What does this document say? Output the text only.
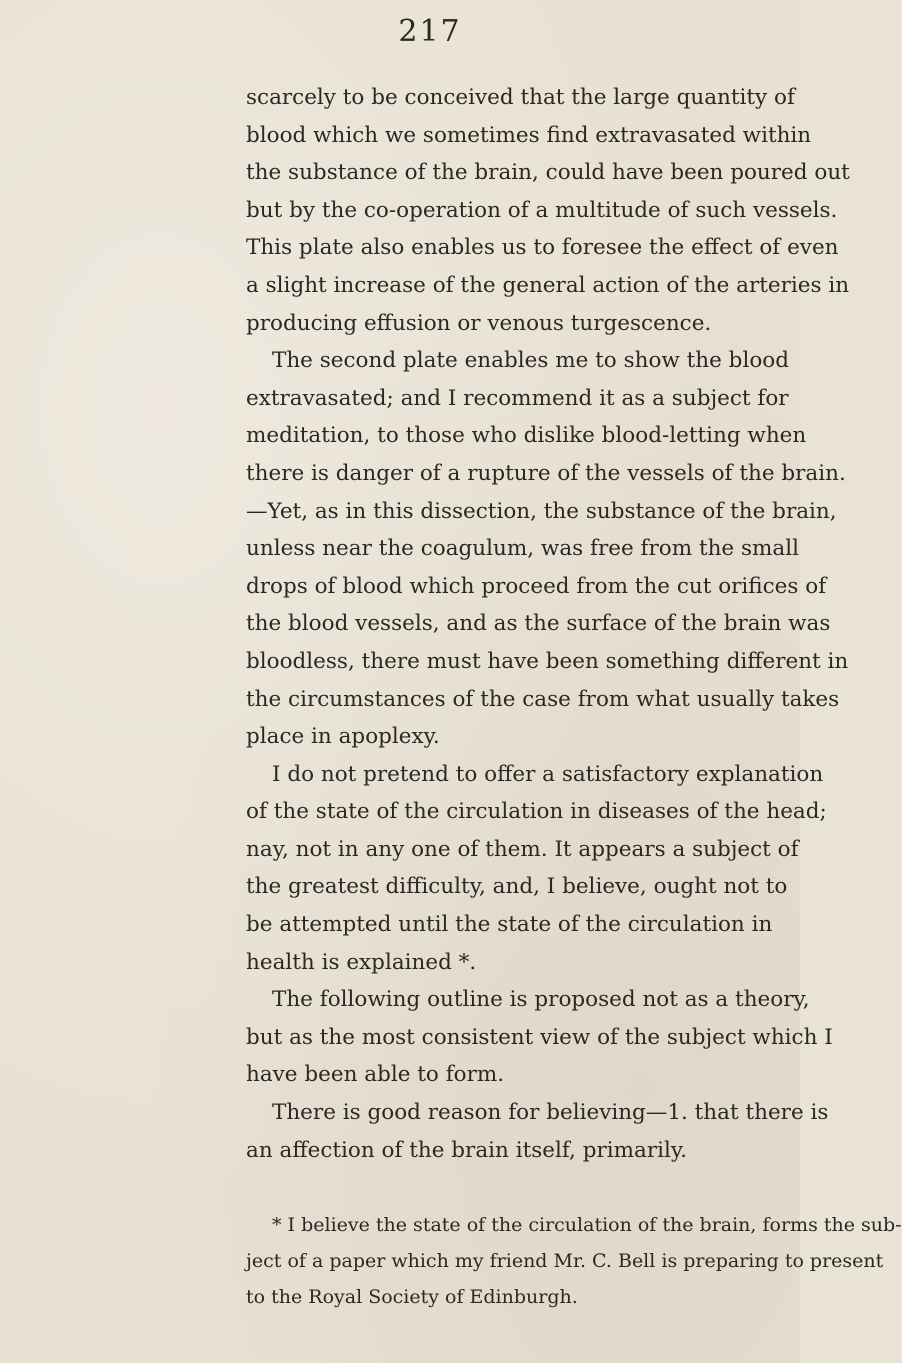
217
scarcely to be conceived that the large quantity of
blood which we sometimes find extravasated within
the substance of the brain, could have been poured out
but by the co-operation of a multitude of such vessels.
This plate also enables us to foresee the effect of even
a slight increase of the general action of the arteries in
producing effusion or venous turgescence.
The second plate enables me to show the blood
extravasated; and I recommend it as a subject for
meditation, to those who dislike blood-letting when
there is danger of a rupture of the vessels of the brain.
—Yet, as in this dissection, the substance of the brain,
unless near the coagulum, was free from the small
drops of blood which proceed from the cut orifices of
the blood vessels, and as the surface of the brain was
bloodless, there must have been something different in
the circumstances of the case from what usually takes
place in apoplexy.
I do not pretend to offer a satisfactory explanation
of the state of the circulation in diseases of the head;
nay, not in any one of them. It appears a subject of
the greatest difficulty, and, I believe, ought not to
be attempted until the state of the circulation in
health is explained *.
The following outline is proposed not as a theory,
but as the most consistent view of the subject which I
have been able to form.
There is good reason for believing—1. that there is
an affection of the brain itself, primarily.
* I believe the state of the circulation of the brain, forms the sub-
ject of a paper which my friend Mr. C. Bell is preparing to present
to the Royal Society of Edinburgh.
